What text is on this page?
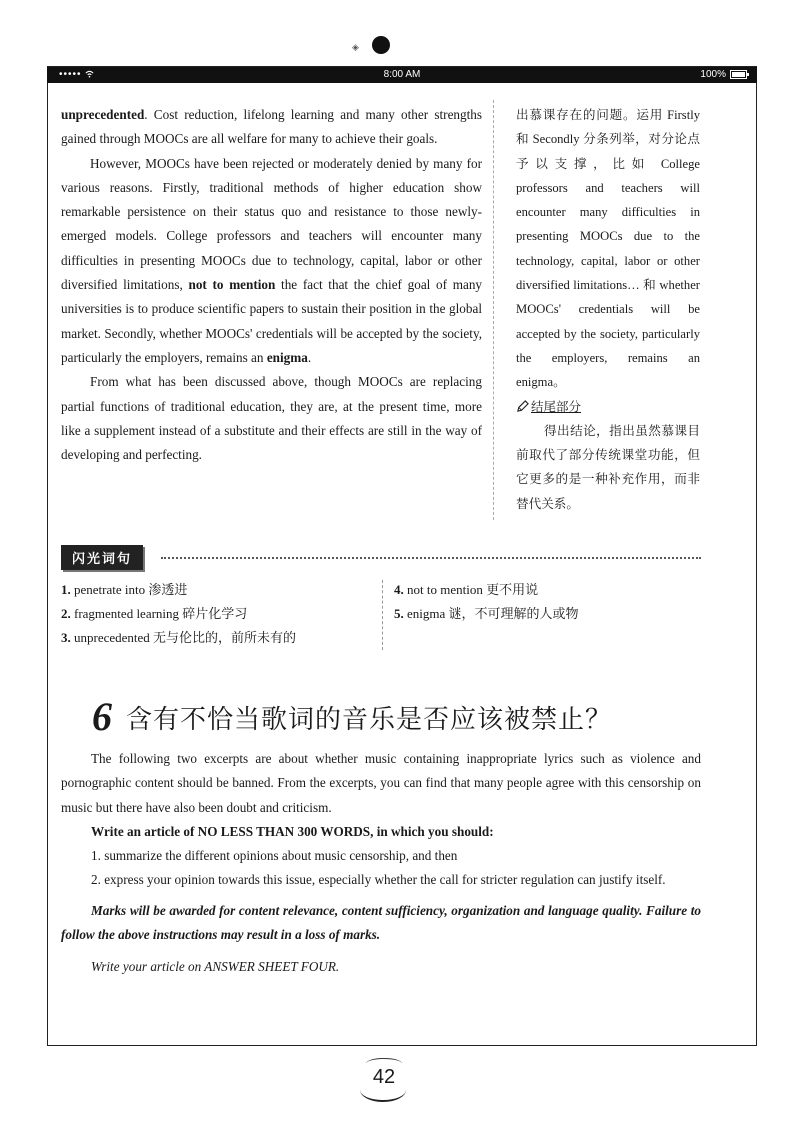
◈
•••••	8:00 AM	100%

unprecedented. Cost reduction, lifelong learning and many other strengths gained through MOOCs are all welfare for many to achieve their goals.

However, MOOCs have been rejected or moderately denied by many for various reasons. Firstly, traditional methods of higher education show remarkable persistence on their status quo and resistance to those newly-emerged models. College professors and teachers will encounter many difficulties in presenting MOOCs due to technology, capital, labor or other diversified limitations, not to mention the fact that the chief goal of many universities is to produce scientific papers to sustain their position in the global market. Secondly, whether MOOCs' credentials will be accepted by the society, particularly the employers, remains an enigma.

From what has been discussed above, though MOOCs are replacing partial functions of traditional education, they are, at the present time, more like a supplement instead of a substitute and their effects are still in the way of developing and perfecting.

出慕课存在的问题。运用 Firstly 和 Secondly 分条列举，对分论点予以支撑，比如 College professors and teachers will encounter many difficulties in presenting MOOCs due to the technology, capital, labor or other diversified limitations… 和 whether MOOCs' credentials will be accepted by the society, particularly the employers, remains an enigma。

结尾部分

得出结论，指出虽然慕课目前取代了部分传统课堂功能，但它更多的是一种补充作用，而非替代关系。

闪光词句
1. penetrate into 渗透进
2. fragmented learning 碎片化学习
3. unprecedented 无与伦比的，前所未有的
4. not to mention 更不用说
5. enigma 谜，不可理解的人或物
6 含有不恰当歌词的音乐是否应该被禁止？

The following two excerpts are about whether music containing inappropriate lyrics such as violence and pornographic content should be banned. From the excerpts, you can find that many people agree with this censorship on music but there have also been doubt and criticism.

Write an article of NO LESS THAN 300 WORDS, in which you should:

1. summarize the different opinions about music censorship, and then

2. express your opinion towards this issue, especially whether the call for stricter regulation can justify itself.

Marks will be awarded for content relevance, content sufficiency, organization and language quality. Failure to follow the above instructions may result in a loss of marks.

Write your article on ANSWER SHEET FOUR.

42
